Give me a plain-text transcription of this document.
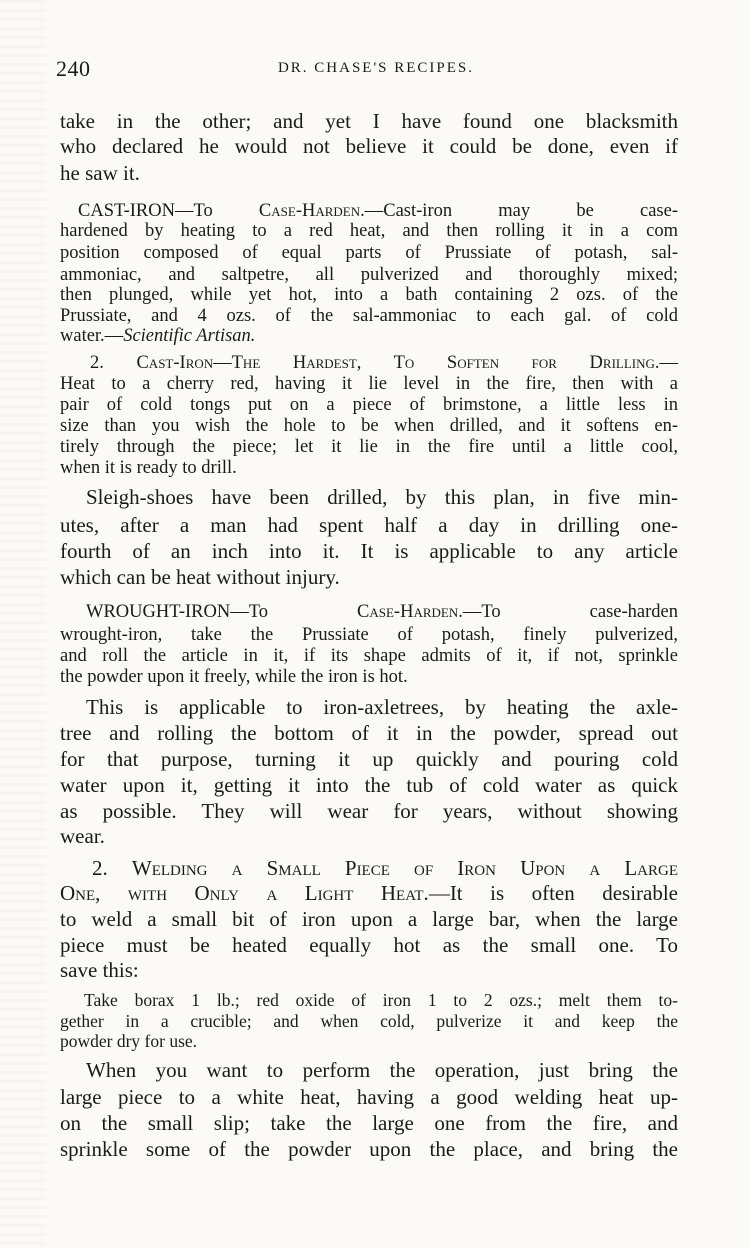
240	DR. CHASE'S RECIPES.
take in the other; and yet I have found one blacksmith
who declared he would not believe it could be done, even if
he saw it.
CAST-IRON—To Case-Harden.—Cast-iron may be case-
hardened by heating to a red heat, and then rolling it in a com
position composed of equal parts of Prussiate of potash, sal-
ammoniac, and saltpetre, all pulverized and thoroughly mixed;
then plunged, while yet hot, into a bath containing 2 ozs. of the
Prussiate, and 4 ozs. of the sal-ammoniac to each gal. of cold
water.—Scientific Artisan.
2. Cast-Iron—The Hardest, To Soften for Drilling.—
Heat to a cherry red, having it lie level in the fire, then with a
pair of cold tongs put on a piece of brimstone, a little less in
size than you wish the hole to be when drilled, and it softens en-
tirely through the piece; let it lie in the fire until a little cool,
when it is ready to drill.
Sleigh-shoes have been drilled, by this plan, in five min-
utes, after a man had spent half a day in drilling one-
fourth of an inch into it. It is applicable to any article
which can be heat without injury.
WROUGHT-IRON—To Case-Harden.—To case-harden
wrought-iron, take the Prussiate of potash, finely pulverized,
and roll the article in it, if its shape admits of it, if not, sprinkle
the powder upon it freely, while the iron is hot.
This is applicable to iron-axletrees, by heating the axle-
tree and rolling the bottom of it in the powder, spread out
for that purpose, turning it up quickly and pouring cold
water upon it, getting it into the tub of cold water as quick
as possible. They will wear for years, without showing
wear.
2. Welding a Small Piece of Iron Upon a Large
One, with Only a Light Heat.—It is often desirable
to weld a small bit of iron upon a large bar, when the large
piece must be heated equally hot as the small one. To
save this:
Take borax 1 lb.; red oxide of iron 1 to 2 ozs.; melt them to-
gether in a crucible; and when cold, pulverize it and keep the
powder dry for use.
When you want to perform the operation, just bring the
large piece to a white heat, having a good welding heat up-
on the small slip; take the large one from the fire, and
sprinkle some of the powder upon the place, and bring the
